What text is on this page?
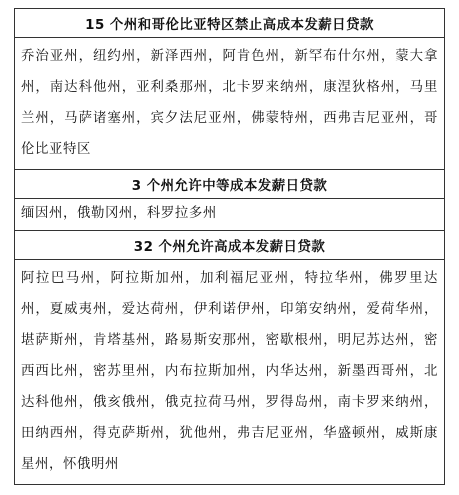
15 个州和哥伦比亚特区禁止高成本发薪日贷款
乔治亚州，纽约州，新泽西州，阿肯色州，新罕布什尔州，蒙大拿州，南达科他州，亚利桑那州，北卡罗来纳州，康涅狄格州，马里兰州，马萨诸塞州，宾夕法尼亚州，佛蒙特州，西弗吉尼亚州，哥伦比亚特区
3 个州允许中等成本发薪日贷款
缅因州，俄勒冈州，科罗拉多州
32 个州允许高成本发薪日贷款
阿拉巴马州，阿拉斯加州，加利福尼亚州，特拉华州，佛罗里达州，夏威夷州，爱达荷州，伊利诺伊州，印第安纳州，爱荷华州，堪萨斯州，肯塔基州，路易斯安那州，密歇根州，明尼苏达州，密西西比州，密苏里州，内布拉斯加州，内华达州，新墨西哥州，北达科他州，俄亥俄州，俄克拉荷马州，罗得岛州，南卡罗来纳州，田纳西州，得克萨斯州，犹他州，弗吉尼亚州，华盛顿州，威斯康星州，怀俄明州
